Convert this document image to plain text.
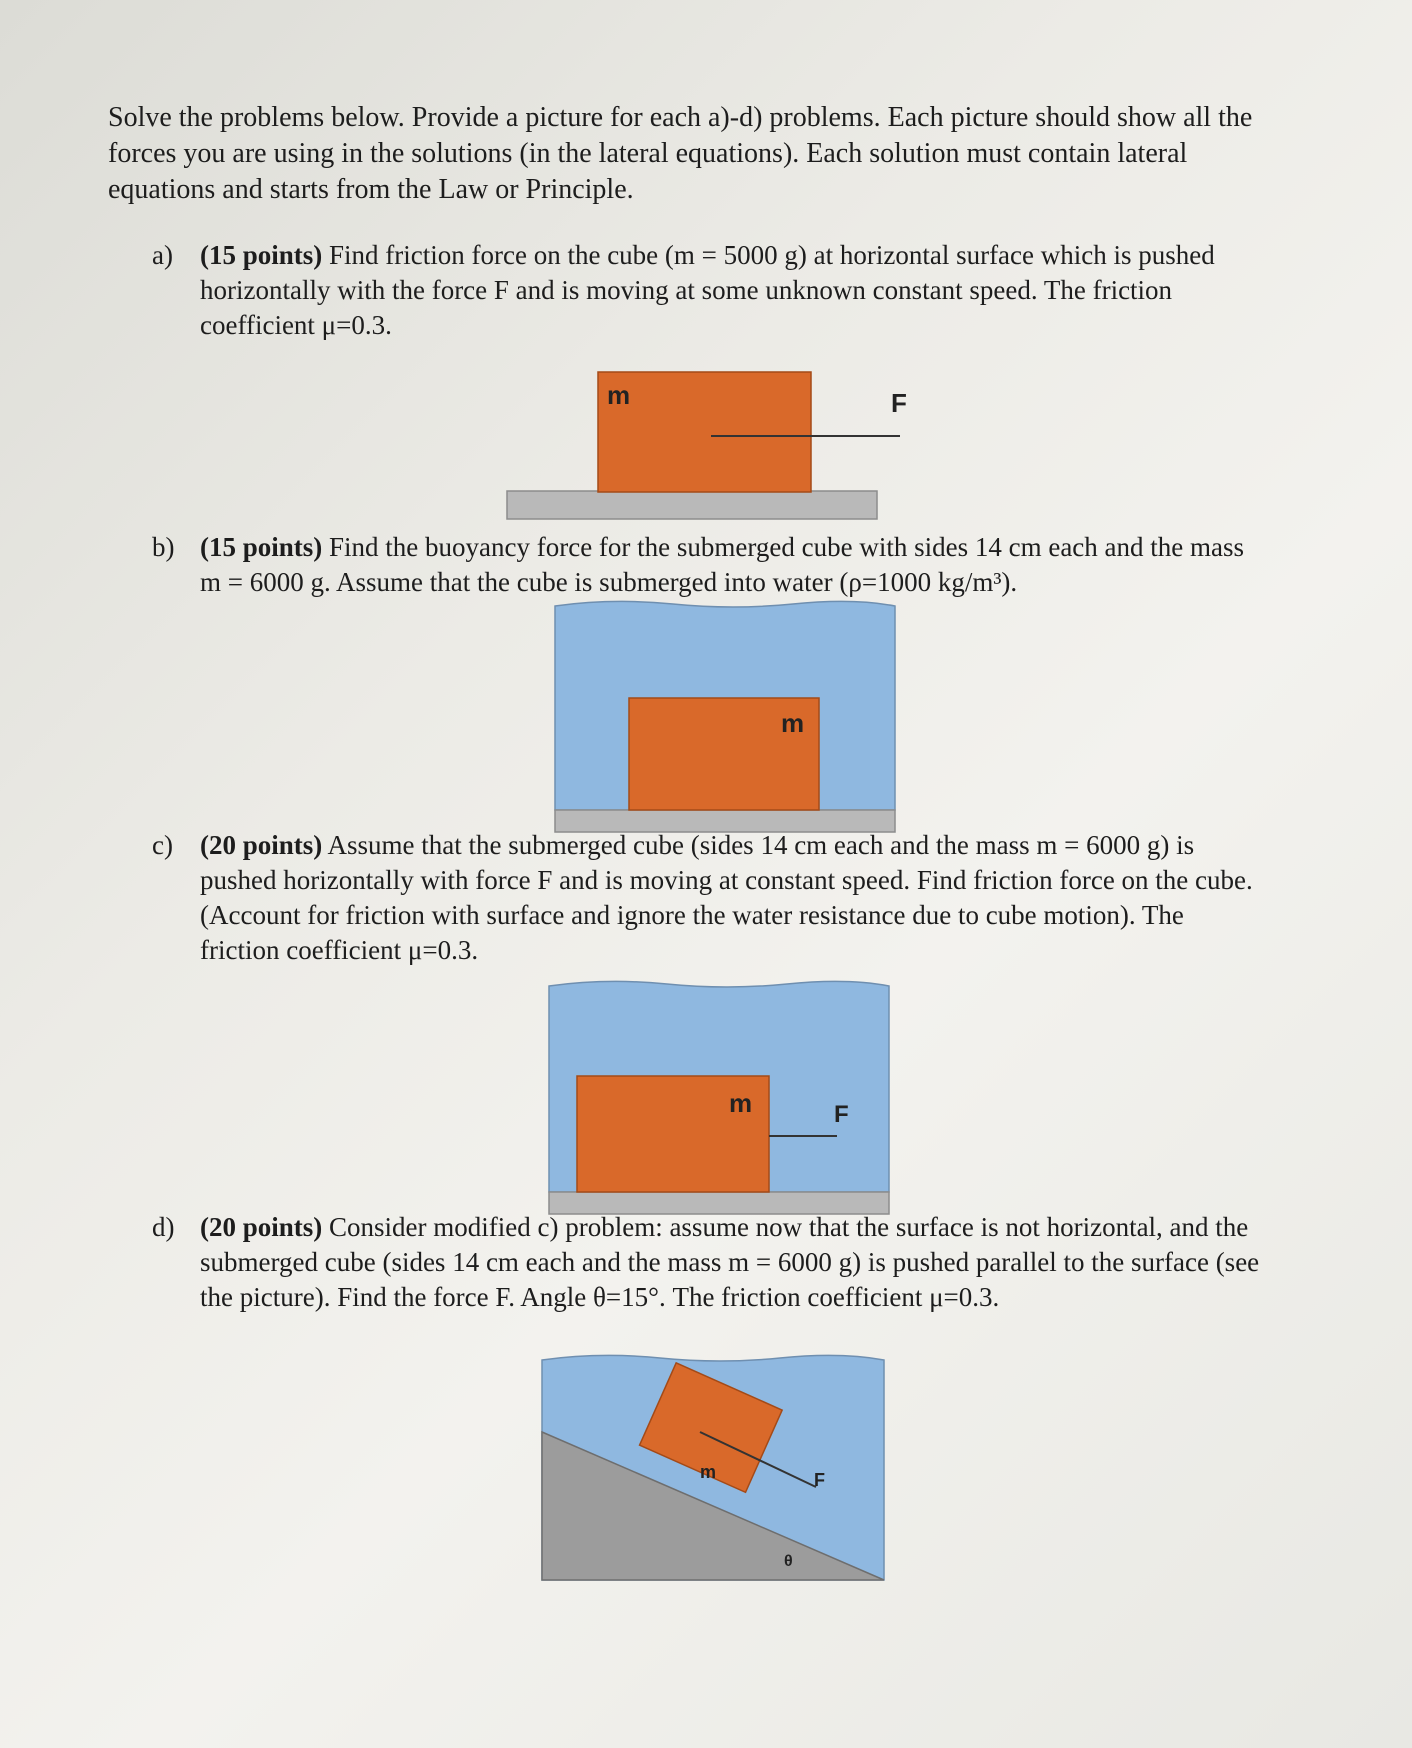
Solve the problems below. Provide a picture for each a)-d) problems. Each picture should show all the forces you are using in the solutions (in the lateral equations). Each solution must contain lateral equations and starts from the Law or Principle.

a)	(15 points) Find friction force on the cube (m = 5000 g) at horizontal surface which is pushed horizontally with the force F and is moving at some unknown constant speed. The friction coefficient μ=0.3.
m	F
b) (15 points) Find the buoyancy force for the submerged cube with sides 14 cm each and the mass m = 6000 g. Assume that the cube is submerged into water (ρ=1000 kg/m³).
m
c)	(20 points) Assume that the submerged cube (sides 14 cm each and the mass m = 6000 g) is pushed horizontally with force F and is moving at constant speed. Find friction force on the cube. (Account for friction with surface and ignore the water resistance due to cube motion). The friction coefficient μ=0.3.
m	F
d) (20 points) Consider modified c) problem: assume now that the surface is not horizontal, and the submerged cube (sides 14 cm each and the mass m = 6000 g) is pushed parallel to the surface (see the picture). Find the force F. Angle θ=15°. The friction coefficient μ=0.3.
m	F
θ
